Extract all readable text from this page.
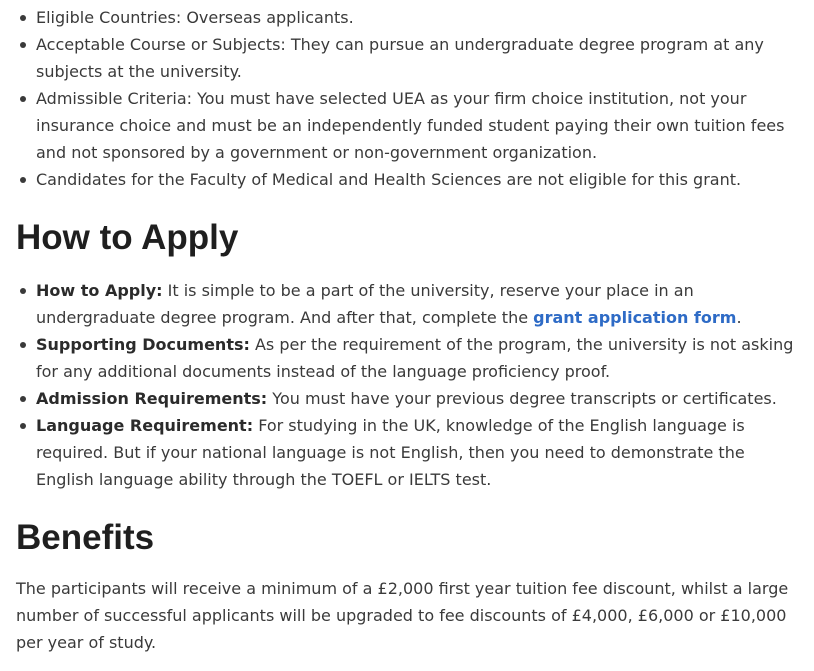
Eligible Countries: Overseas applicants.
Acceptable Course or Subjects: They can pursue an undergraduate degree program at any subjects at the university.
Admissible Criteria: You must have selected UEA as your firm choice institution, not your insurance choice and must be an independently funded student paying their own tuition fees and not sponsored by a government or non-government organization.
Candidates for the Faculty of Medical and Health Sciences are not eligible for this grant.
How to Apply
How to Apply: It is simple to be a part of the university, reserve your place in an undergraduate degree program. And after that, complete the grant application form.
Supporting Documents: As per the requirement of the program, the university is not asking for any additional documents instead of the language proficiency proof.
Admission Requirements: You must have your previous degree transcripts or certificates.
Language Requirement: For studying in the UK, knowledge of the English language is required. But if your national language is not English, then you need to demonstrate the English language ability through the TOEFL or IELTS test.
Benefits

The participants will receive a minimum of a £2,000 first year tuition fee discount, whilst a large number of successful applicants will be upgraded to fee discounts of £4,000, £6,000 or £10,000 per year of study.
